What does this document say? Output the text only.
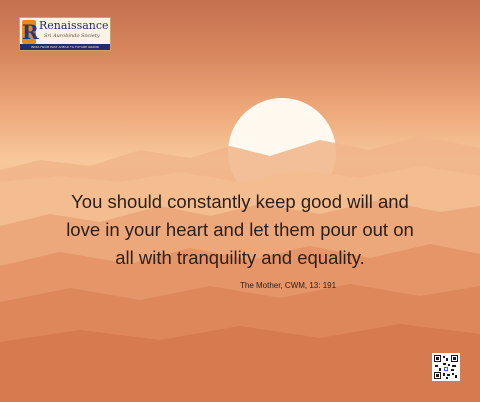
R Renaissance
Sri Aurobindo Society
INDIA FROM PAST AHEAD TO FUTURE GRAND
You should constantly keep good will and
love in your heart and let them pour out on
all with tranquility and equality.
The Mother, CWM, 13: 191
